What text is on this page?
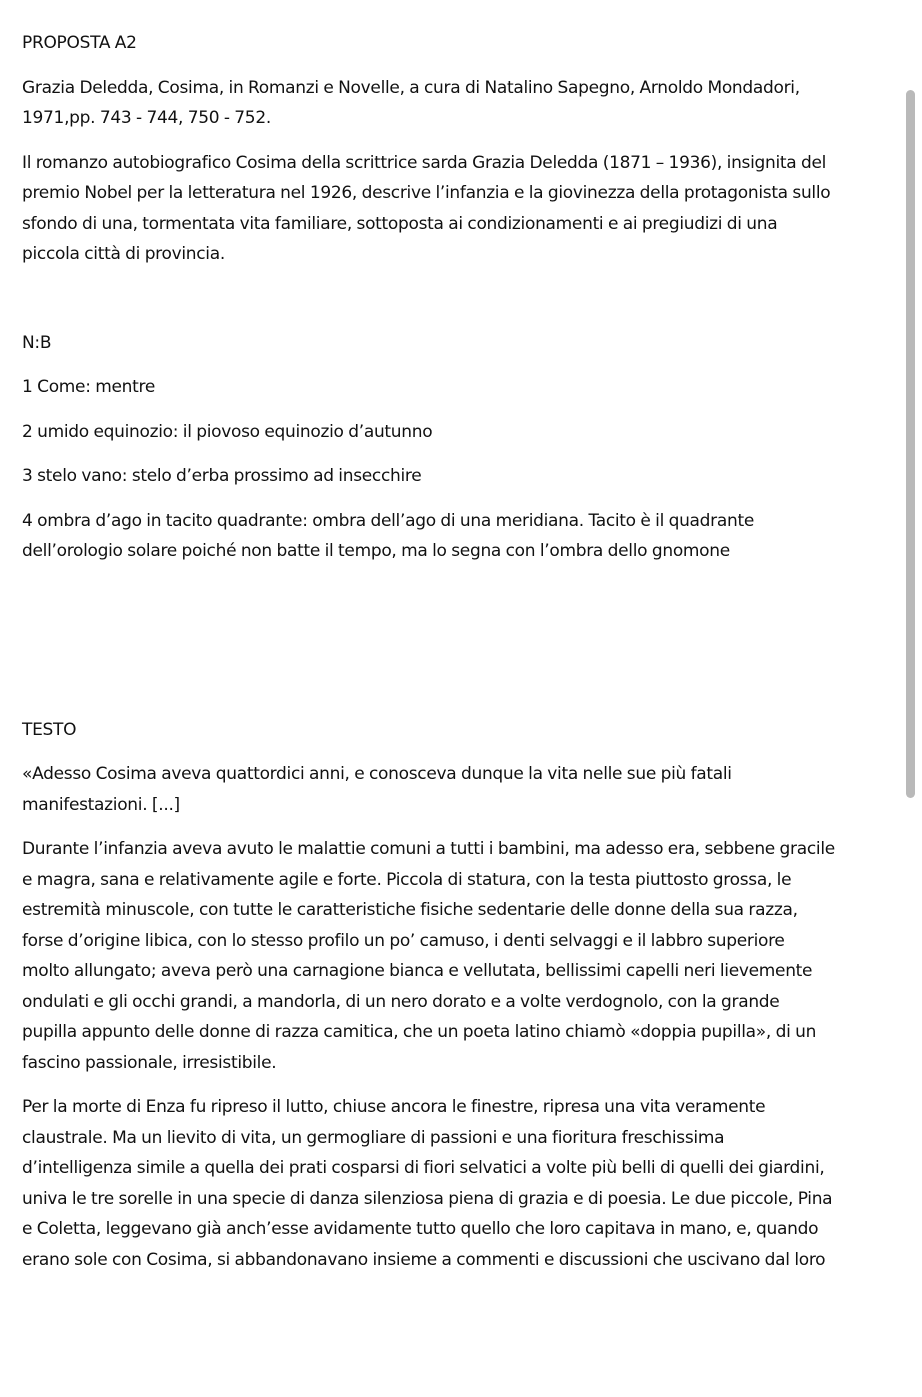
PROPOSTA A2

Grazia Deledda, Cosima, in Romanzi e Novelle, a cura di Natalino Sapegno, Arnoldo Mondadori,

1971,pp. 743 - 744, 750 - 752.

Il romanzo autobiografico Cosima della scrittrice sarda Grazia Deledda (1871 – 1936), insignita del

premio Nobel per la letteratura nel 1926, descrive l’infanzia e la giovinezza della protagonista sullo

sfondo di una, tormentata vita familiare, sottoposta ai condizionamenti e ai pregiudizi di una

piccola città di provincia.

N:B

1 Come: mentre

2 umido equinozio: il piovoso equinozio d’autunno

3 stelo vano: stelo d’erba prossimo ad insecchire

4 ombra d’ago in tacito quadrante: ombra dell’ago di una meridiana. Tacito è il quadrante

dell’orologio solare poiché non batte il tempo, ma lo segna con l’ombra dello gnomone

TESTO

«Adesso Cosima aveva quattordici anni, e conosceva dunque la vita nelle sue più fatali

manifestazioni. [...]

Durante l’infanzia aveva avuto le malattie comuni a tutti i bambini, ma adesso era, sebbene gracile

e magra, sana e relativamente agile e forte. Piccola di statura, con la testa piuttosto grossa, le

estremità minuscole, con tutte le caratteristiche fisiche sedentarie delle donne della sua razza,

forse d’origine libica, con lo stesso profilo un po’ camuso, i denti selvaggi e il labbro superiore

molto allungato; aveva però una carnagione bianca e vellutata, bellissimi capelli neri lievemente

ondulati e gli occhi grandi, a mandorla, di un nero dorato e a volte verdognolo, con la grande

pupilla appunto delle donne di razza camitica, che un poeta latino chiamò «doppia pupilla», di un

fascino passionale, irresistibile.

Per la morte di Enza fu ripreso il lutto, chiuse ancora le finestre, ripresa una vita veramente

claustrale. Ma un lievito di vita, un germogliare di passioni e una fioritura freschissima

d’intelligenza simile a quella dei prati cosparsi di fiori selvatici a volte più belli di quelli dei giardini,

univa le tre sorelle in una specie di danza silenziosa piena di grazia e di poesia. Le due piccole, Pina

e Coletta, leggevano già anch’esse avidamente tutto quello che loro capitava in mano, e, quando

erano sole con Cosima, si abbandonavano insieme a commenti e discussioni che uscivano dal loro
